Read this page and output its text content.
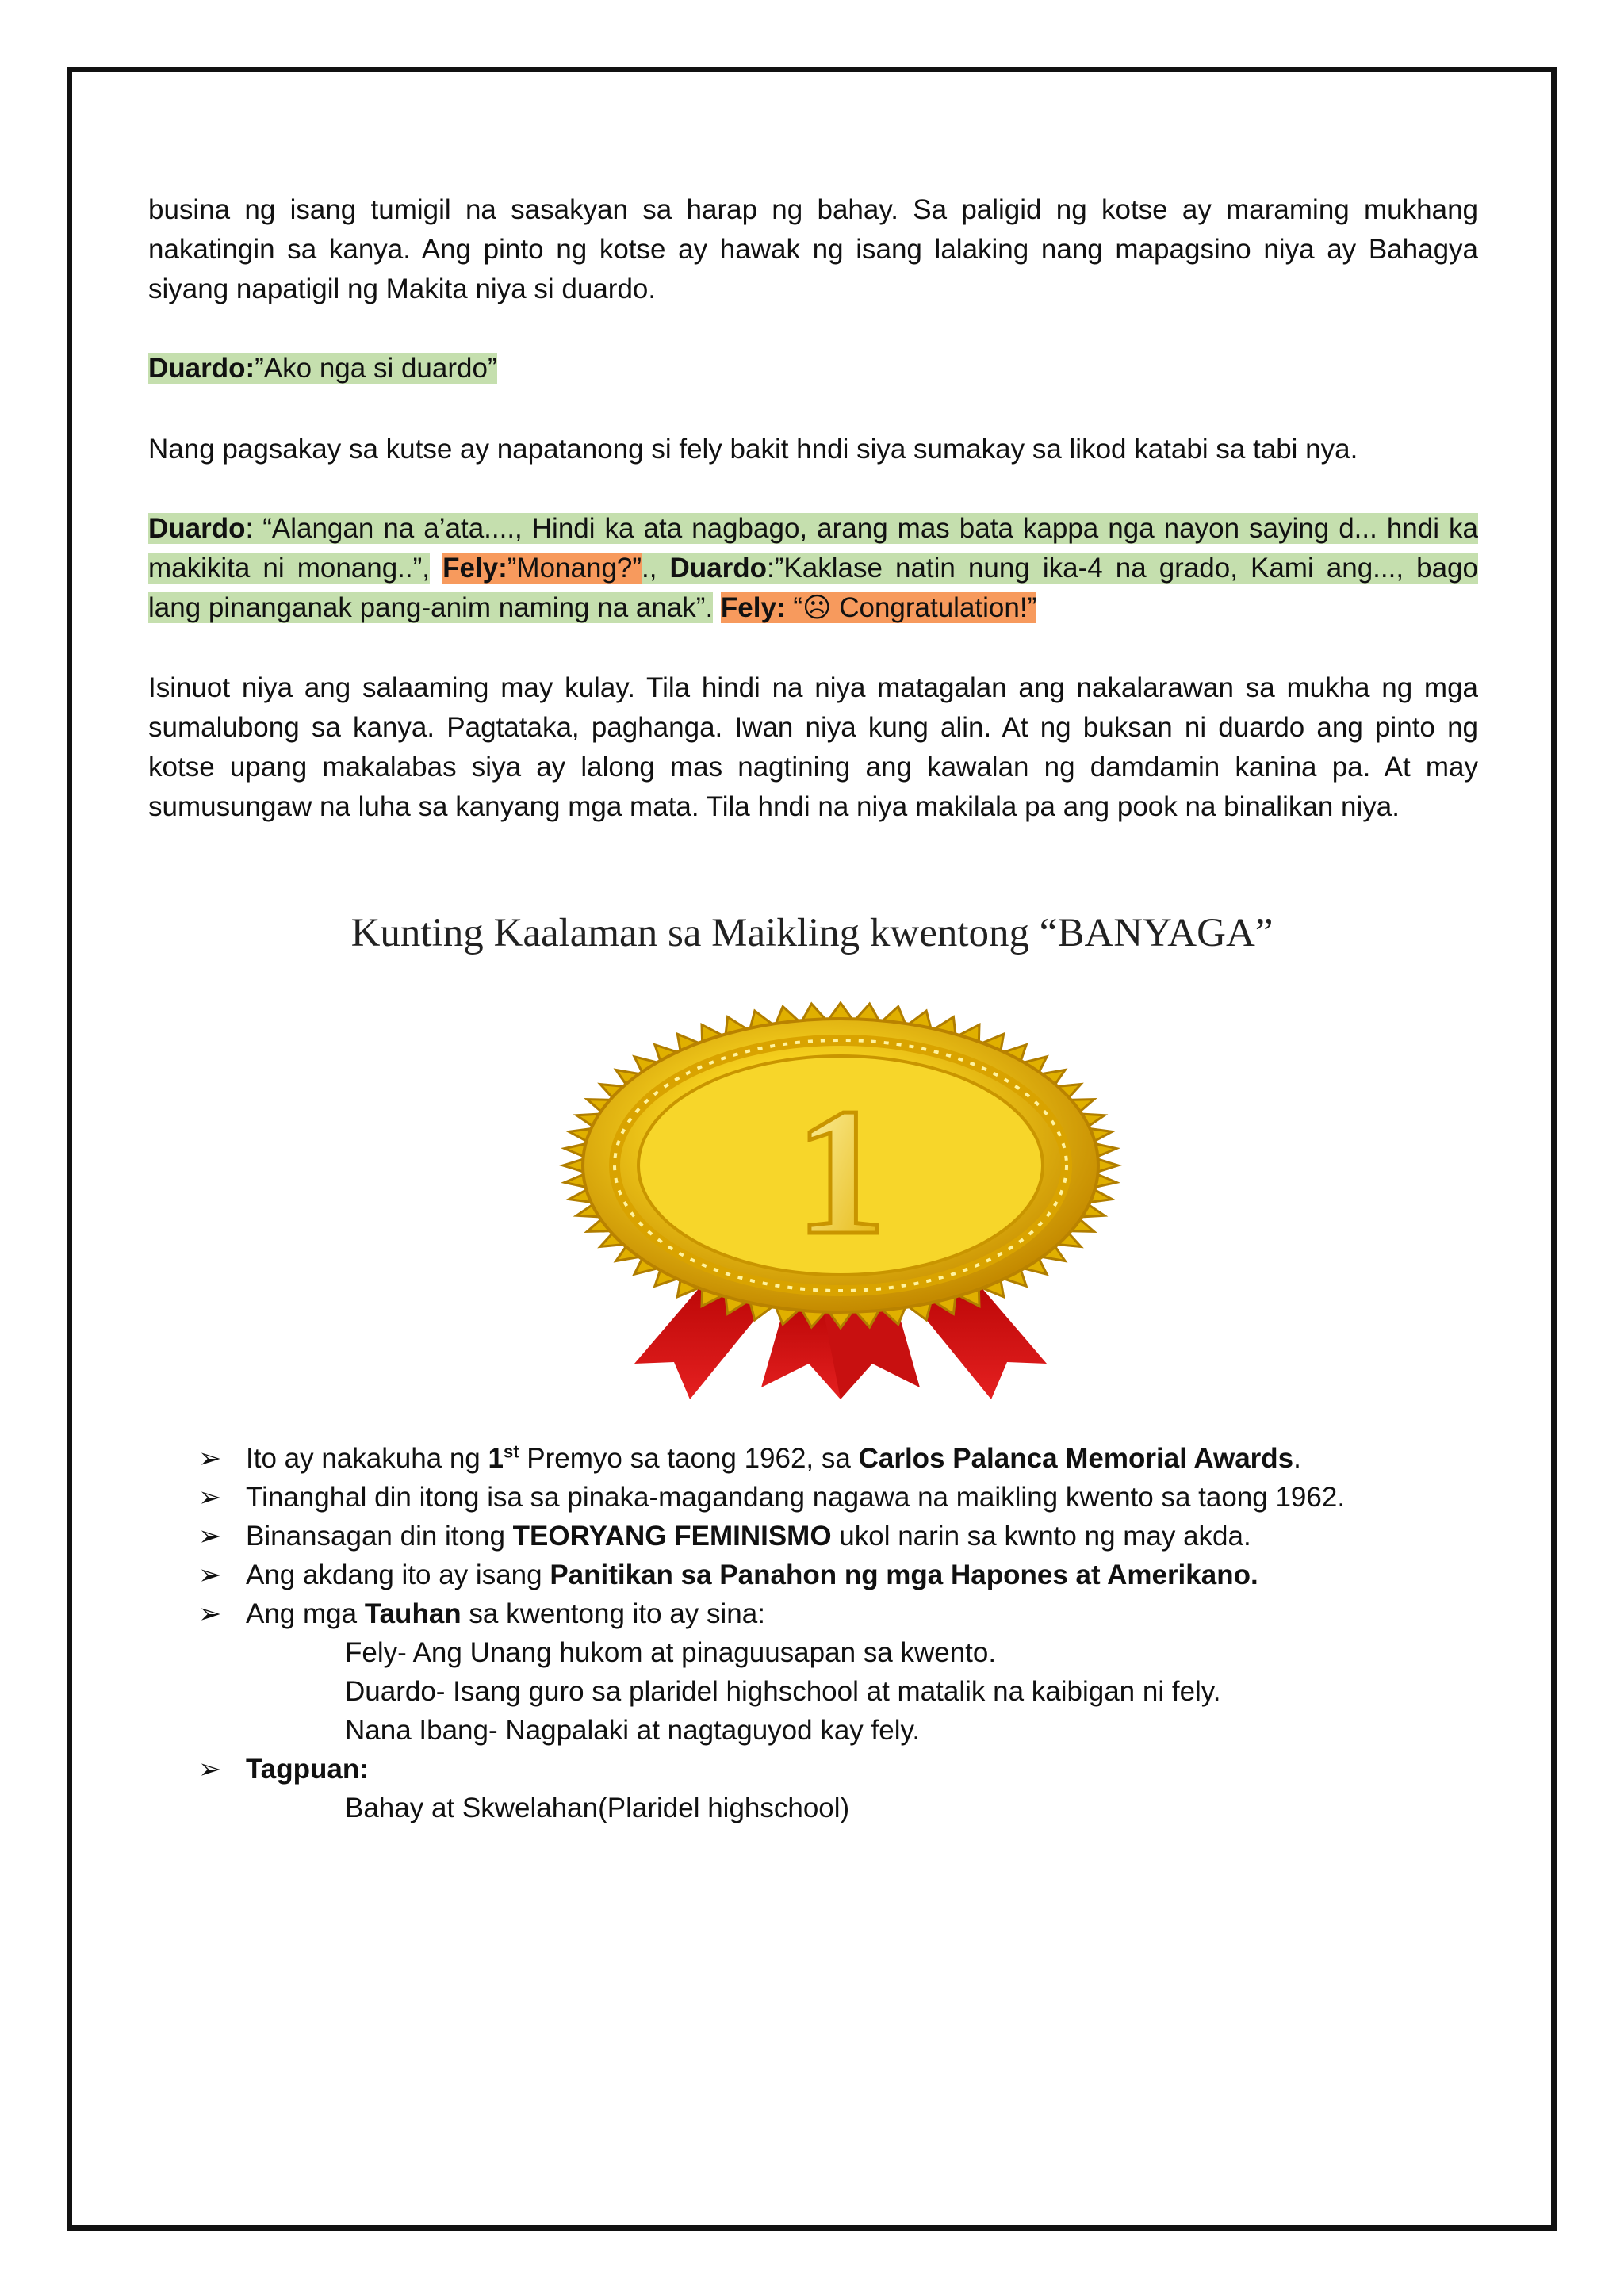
busina ng isang tumigil na sasakyan sa harap ng bahay. Sa paligid ng kotse ay maraming mukhang nakatingin sa kanya. Ang pinto ng kotse ay hawak ng isang lalaking nang mapagsino niya ay Bahagya siyang napatigil ng Makita niya si duardo.
Duardo:”Ako nga si duardo”
Nang pagsakay sa kutse ay napatanong si fely bakit hndi siya sumakay sa likod katabi sa tabi nya.
Duardo: “Alangan na a’ata...., Hindi ka ata nagbago, arang mas bata kappa nga nayon saying d... hndi ka makikita ni monang..”, Fely:”Monang?”., Duardo:”Kaklase natin nung ika-4 na grado, Kami ang..., bago lang pinanganak pang-anim naming na anak”. Fely: “☹ Congratulation!”
Isinuot niya ang salaaming may kulay. Tila hindi na niya matagalan ang nakalarawan sa mukha ng mga sumalubong sa kanya. Pagtataka, paghanga. Iwan niya kung alin. At ng buksan ni duardo ang pinto ng kotse upang makalabas siya ay lalong mas nagtining ang kawalan ng damdamin kanina pa. At may sumusungaw na luha sa kanyang mga mata. Tila hndi na niya makilala pa ang pook na binalikan niya.
Kunting Kaalaman sa Maikling kwentong “BANYAGA”
1
➢ Ito ay nakakuha ng 1st Premyo sa taong 1962, sa Carlos Palanca Memorial Awards.
➢ Tinanghal din itong isa sa pinaka-magandang nagawa na maikling kwento sa taong 1962.
➢ Binansagan din itong TEORYANG FEMINISMO ukol narin sa kwnto ng may akda.
➢ Ang akdang ito ay isang Panitikan sa Panahon ng mga Hapones at Amerikano.
➢ Ang mga Tauhan sa kwentong ito ay sina:
Fely- Ang Unang hukom at pinaguusapan sa kwento.
Duardo- Isang guro sa plaridel highschool at matalik na kaibigan ni fely.
Nana Ibang- Nagpalaki at nagtaguyod kay fely.
➢ Tagpuan:
Bahay at Skwelahan(Plaridel highschool)
